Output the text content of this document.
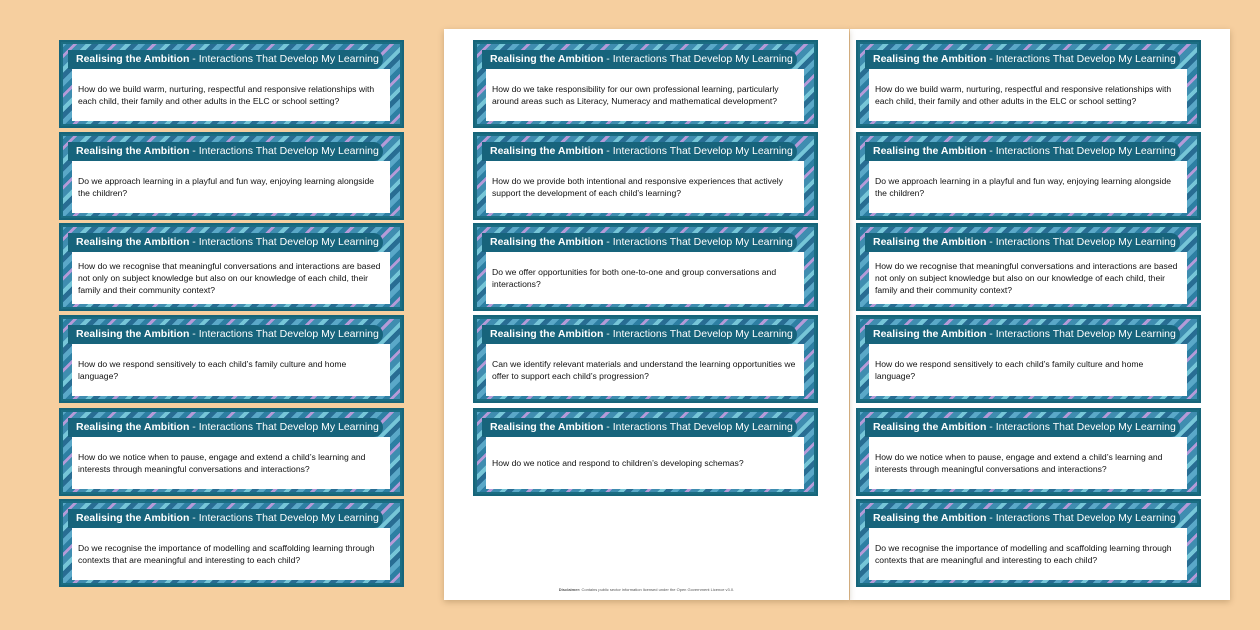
Disclaimer: Contains public sector information licensed under the Open Government Licence v3.0.
Realising the Ambition - Interactions That Develop My Learning
How do we build warm, nurturing, respectful and responsive relationships with each child, their family and other adults in the ELC or school setting?
Realising the Ambition - Interactions That Develop My Learning
Do we approach learning in a playful and fun way, enjoying learning alongside the children?
Realising the Ambition - Interactions That Develop My Learning
How do we recognise that meaningful conversations and interactions are based not only on subject knowledge but also on our knowledge of each child, their family and their community context?
Realising the Ambition - Interactions That Develop My Learning
How do we respond sensitively to each child’s family culture and home language?
Realising the Ambition - Interactions That Develop My Learning
How do we notice when to pause, engage and extend a child’s learning and interests through meaningful conversations and interactions?
Realising the Ambition - Interactions That Develop My Learning
Do we recognise the importance of modelling and scaffolding learning through contexts that are meaningful and interesting to each child?
Realising the Ambition - Interactions That Develop My Learning
How do we take responsibility for our own professional learning, particularly around areas such as Literacy, Numeracy and mathematical development?
Realising the Ambition - Interactions That Develop My Learning
How do we provide both intentional and responsive experiences that actively support the development of each child’s learning?
Realising the Ambition - Interactions That Develop My Learning
Do we offer opportunities for both one-to-one and group conversations and interactions?
Realising the Ambition - Interactions That Develop My Learning
Can we identify relevant materials and understand the learning opportunities we offer to support each child’s progression?
Realising the Ambition - Interactions That Develop My Learning
How do we notice and respond to children’s developing schemas?
Realising the Ambition - Interactions That Develop My Learning
How do we build warm, nurturing, respectful and responsive relationships with each child, their family and other adults in the ELC or school setting?
Realising the Ambition - Interactions That Develop My Learning
Do we approach learning in a playful and fun way, enjoying learning alongside the children?
Realising the Ambition - Interactions That Develop My Learning
How do we recognise that meaningful conversations and interactions are based not only on subject knowledge but also on our knowledge of each child, their family and their community context?
Realising the Ambition - Interactions That Develop My Learning
How do we respond sensitively to each child’s family culture and home language?
Realising the Ambition - Interactions That Develop My Learning
How do we notice when to pause, engage and extend a child’s learning and interests through meaningful conversations and interactions?
Realising the Ambition - Interactions That Develop My Learning
Do we recognise the importance of modelling and scaffolding learning through contexts that are meaningful and interesting to each child?
